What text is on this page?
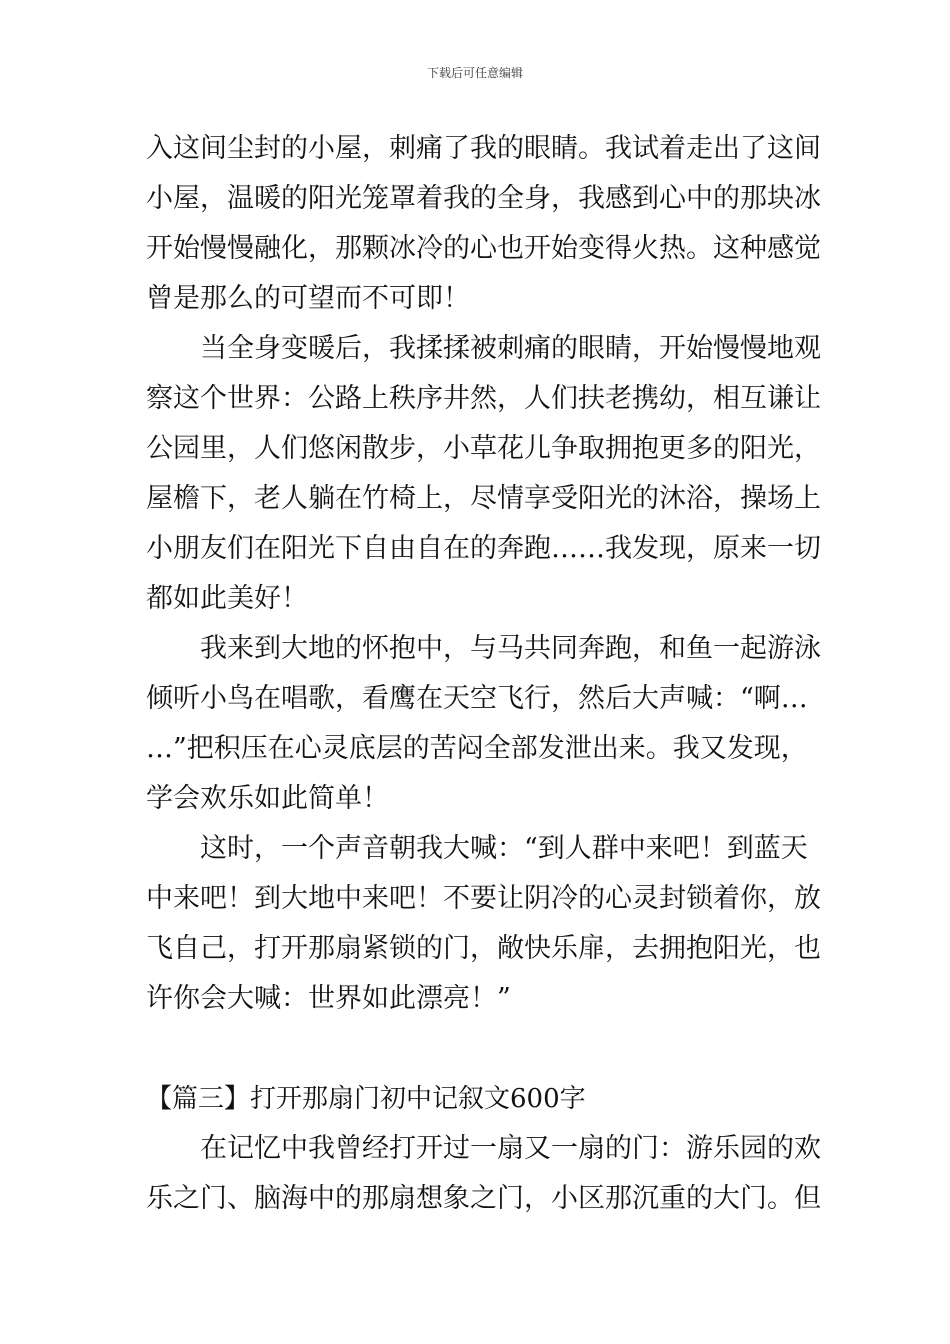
下载后可任意编辑
入这间尘封的小屋，刺痛了我的眼睛。我试着走出了这间
小屋，温暖的阳光笼罩着我的全身，我感到心中的那块冰
开始慢慢融化，那颗冰冷的心也开始变得火热。这种感觉
曾是那么的可望而不可即！
当全身变暖后，我揉揉被刺痛的眼睛，开始慢慢地观
察这个世界：公路上秩序井然，人们扶老携幼，相互谦让
公园里，人们悠闲散步，小草花儿争取拥抱更多的阳光，
屋檐下，老人躺在竹椅上，尽情享受阳光的沐浴，操场上
小朋友们在阳光下自由自在的奔跑……我发现，原来一切
都如此美好！
我来到大地的怀抱中，与马共同奔跑，和鱼一起游泳
倾听小鸟在唱歌，看鹰在天空飞行，然后大声喊：“啊…
…”把积压在心灵底层的苦闷全部发泄出来。我又发现，
学会欢乐如此简单！
这时，一个声音朝我大喊：“到人群中来吧！到蓝天
中来吧！到大地中来吧！不要让阴冷的心灵封锁着你，放
飞自己，打开那扇紧锁的门，敞快乐扉，去拥抱阳光，也
许你会大喊：世界如此漂亮！”
【篇三】打开那扇门初中记叙文600字
在记忆中我曾经打开过一扇又一扇的门：游乐园的欢
乐之门、脑海中的那扇想象之门，小区那沉重的大门。但
